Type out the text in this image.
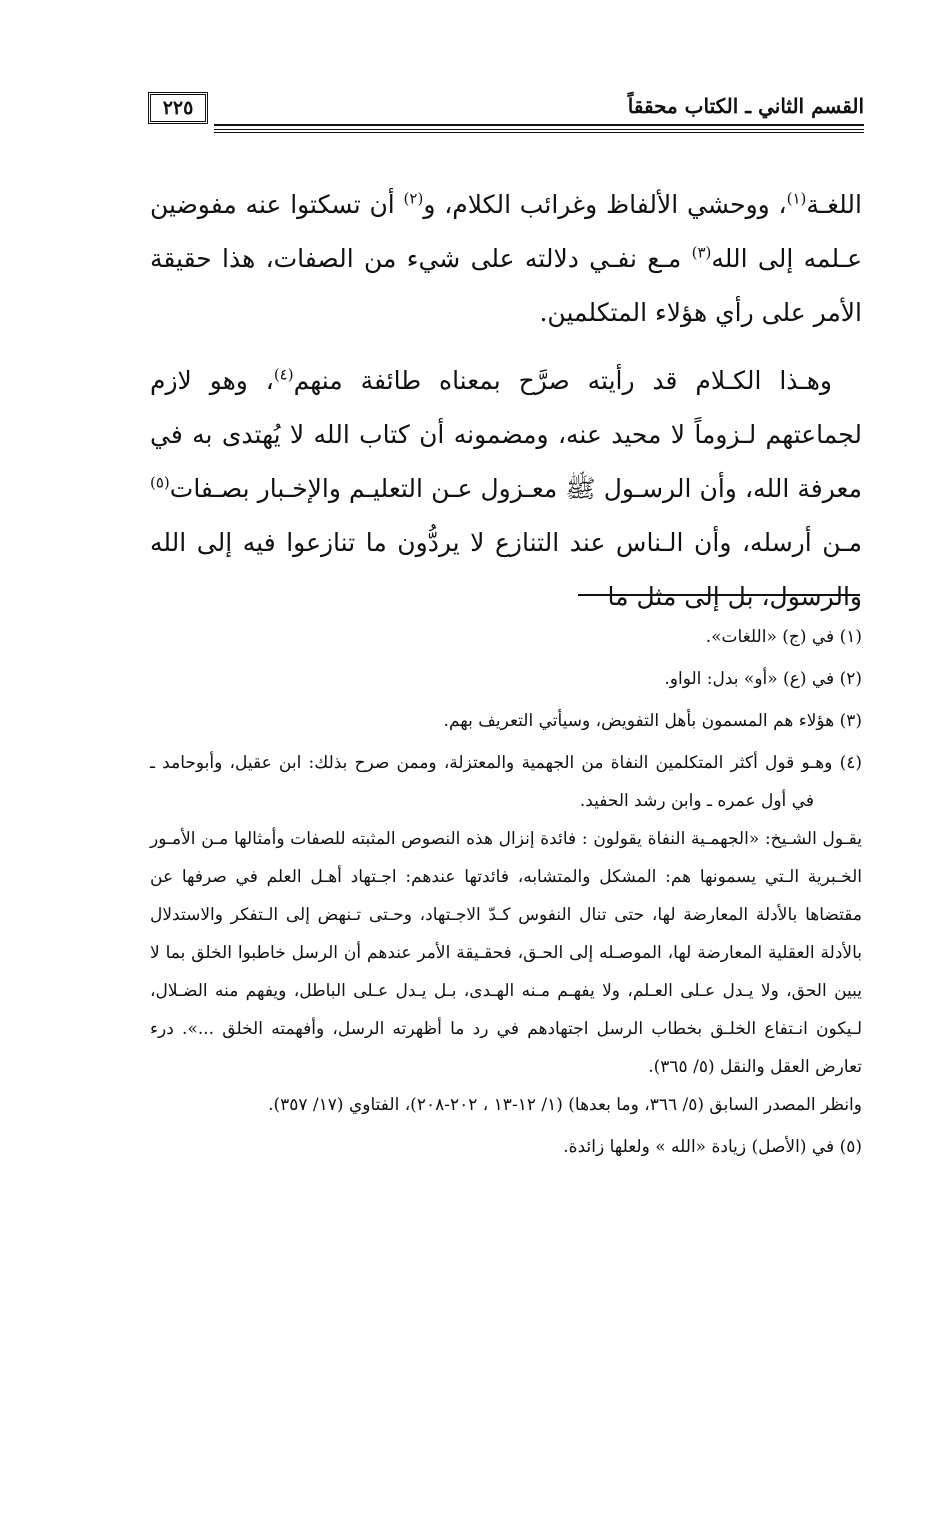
القسم الثاني ـ الكتاب محققاً
٢٢٥

اللغـة$^{(١)}$، ووحشي الألفاظ وغرائب الكلام، و$^{(٢)}$ أن تسكتوا عنه مفوضين عـلمه إلى الله$^{(٣)}$ مـع نفـي دلالته على شيء من الصفات، هذا حقيقة الأمر على رأي هؤلاء المتكلمين.

وهـذا الكـلام قد رأيته صرَّح بمعناه طائفة منهم$^{(٤)}$، وهو لازم لجماعتهم لـزوماً لا محيد عنه، ومضمونه أن كتاب الله لا يُهتدى به في معرفة الله، وأن الرسـول ﷺ معـزول عـن التعليـم والإخـبار بصـفات$^{(٥)}$ مـن أرسله، وأن الـناس عند التنازع لا يردُّون ما تنازعوا فيه إلى الله والرسول، بل إلى مثل ما

(١) في (ج) «اللغات».

(٢) في (ع) «أو» بدل: الواو.

(٣) هؤلاء هم المسمون بأهل التفويض، وسيأتي التعريف بهم.

(٤) وهـو قول أكثر المتكلمين النفاة من الجهمية والمعتزلة، وممن صرح بذلك: ابن عقيل، وأبوحامد ـ في أول عمره ـ وابن رشد الحفيد.

يقـول الشـيخ: «الجهمـية النفاة يقولون : فائدة إنزال هذه النصوص المثبته للصفات وأمثالها مـن الأمـور الخـبرية الـتي يسمونها هم: المشكل والمتشابه، فائدتها عندهم: اجـتهاد أهـل العلم في صرفها عن مقتضاها بالأدلة المعارضة لها، حتى تنال النفوس كـدّ الاجـتهاد، وحـتى تـنهض إلى الـتفكر والاستدلال بالأدلة العقلية المعارضة لها، الموصـله إلى الحـق، فحقـيقة الأمر عندهم أن الرسل خاطبوا الخلق بما لا يبين الحق، ولا يـدل عـلى العـلم، ولا يفهـم مـنه الهـدى، بـل يـدل عـلى الباطل، ويفهم منه الضـلال، لـيكون انـتفاع الخلـق بخطاب الرسل اجتهادهم في رد ما أظهرته الرسل، وأفهمته الخلق ...». درء تعارض العقل والنقل (٥/ ٣٦٥).

وانظر المصدر السابق (٥/ ٣٦٦، وما بعدها) (١/ ١٢-١٣ ، ٢٠٢-٢٠٨)، الفتاوي (١٧/ ٣٥٧).

(٥) في (الأصل) زيادة «الله » ولعلها زائدة.
